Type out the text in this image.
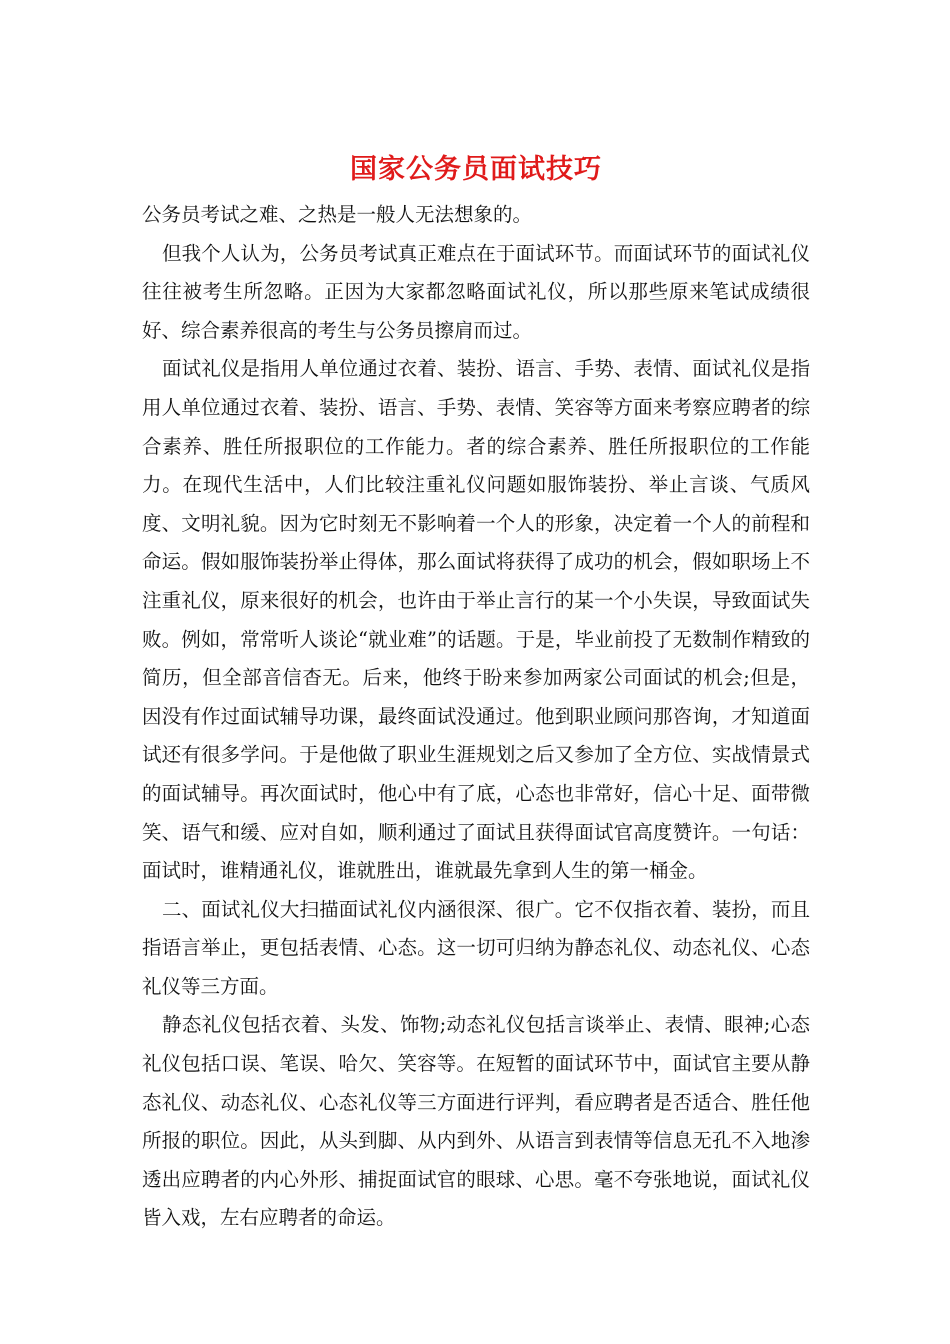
国家公务员面试技巧

公务员考试之难、之热是一般人无法想象的。

但我个人认为，公务员考试真正难点在于面试环节。而面试环节的面试礼仪往往被考生所忽略。正因为大家都忽略面试礼仪，所以那些原来笔试成绩很好、综合素养很高的考生与公务员擦肩而过。

面试礼仪是指用人单位通过衣着、装扮、语言、手势、表情、面试礼仪是指用人单位通过衣着、装扮、语言、手势、表情、笑容等方面来考察应聘者的综合素养、胜任所报职位的工作能力。者的综合素养、胜任所报职位的工作能力。在现代生活中，人们比较注重礼仪问题如服饰装扮、举止言谈、气质风度、文明礼貌。因为它时刻无不影响着一个人的形象，决定着一个人的前程和命运。假如服饰装扮举止得体，那么面试将获得了成功的机会，假如职场上不注重礼仪，原来很好的机会，也许由于举止言行的某一个小失误，导致面试失败。例如，常常听人谈论“就业难”的话题。于是，毕业前投了无数制作精致的简历，但全部音信杳无。后来，他终于盼来参加两家公司面试的机会;但是，因没有作过面试辅导功课，最终面试没通过。他到职业顾问那咨询，才知道面试还有很多学问。于是他做了职业生涯规划之后又参加了全方位、实战情景式的面试辅导。再次面试时，他心中有了底，心态也非常好，信心十足、面带微笑、语气和缓、应对自如，顺利通过了面试且获得面试官高度赞许。一句话：面试时，谁精通礼仪，谁就胜出，谁就最先拿到人生的第一桶金。

二、面试礼仪大扫描面试礼仪内涵很深、很广。它不仅指衣着、装扮，而且指语言举止，更包括表情、心态。这一切可归纳为静态礼仪、动态礼仪、心态礼仪等三方面。

静态礼仪包括衣着、头发、饰物;动态礼仪包括言谈举止、表情、眼神;心态礼仪包括口误、笔误、哈欠、笑容等。在短暂的面试环节中，面试官主要从静态礼仪、动态礼仪、心态礼仪等三方面进行评判，看应聘者是否适合、胜任他所报的职位。因此，从头到脚、从内到外、从语言到表情等信息无孔不入地渗透出应聘者的内心外形、捕捉面试官的眼球、心思。毫不夸张地说，面试礼仪皆入戏，左右应聘者的命运。
